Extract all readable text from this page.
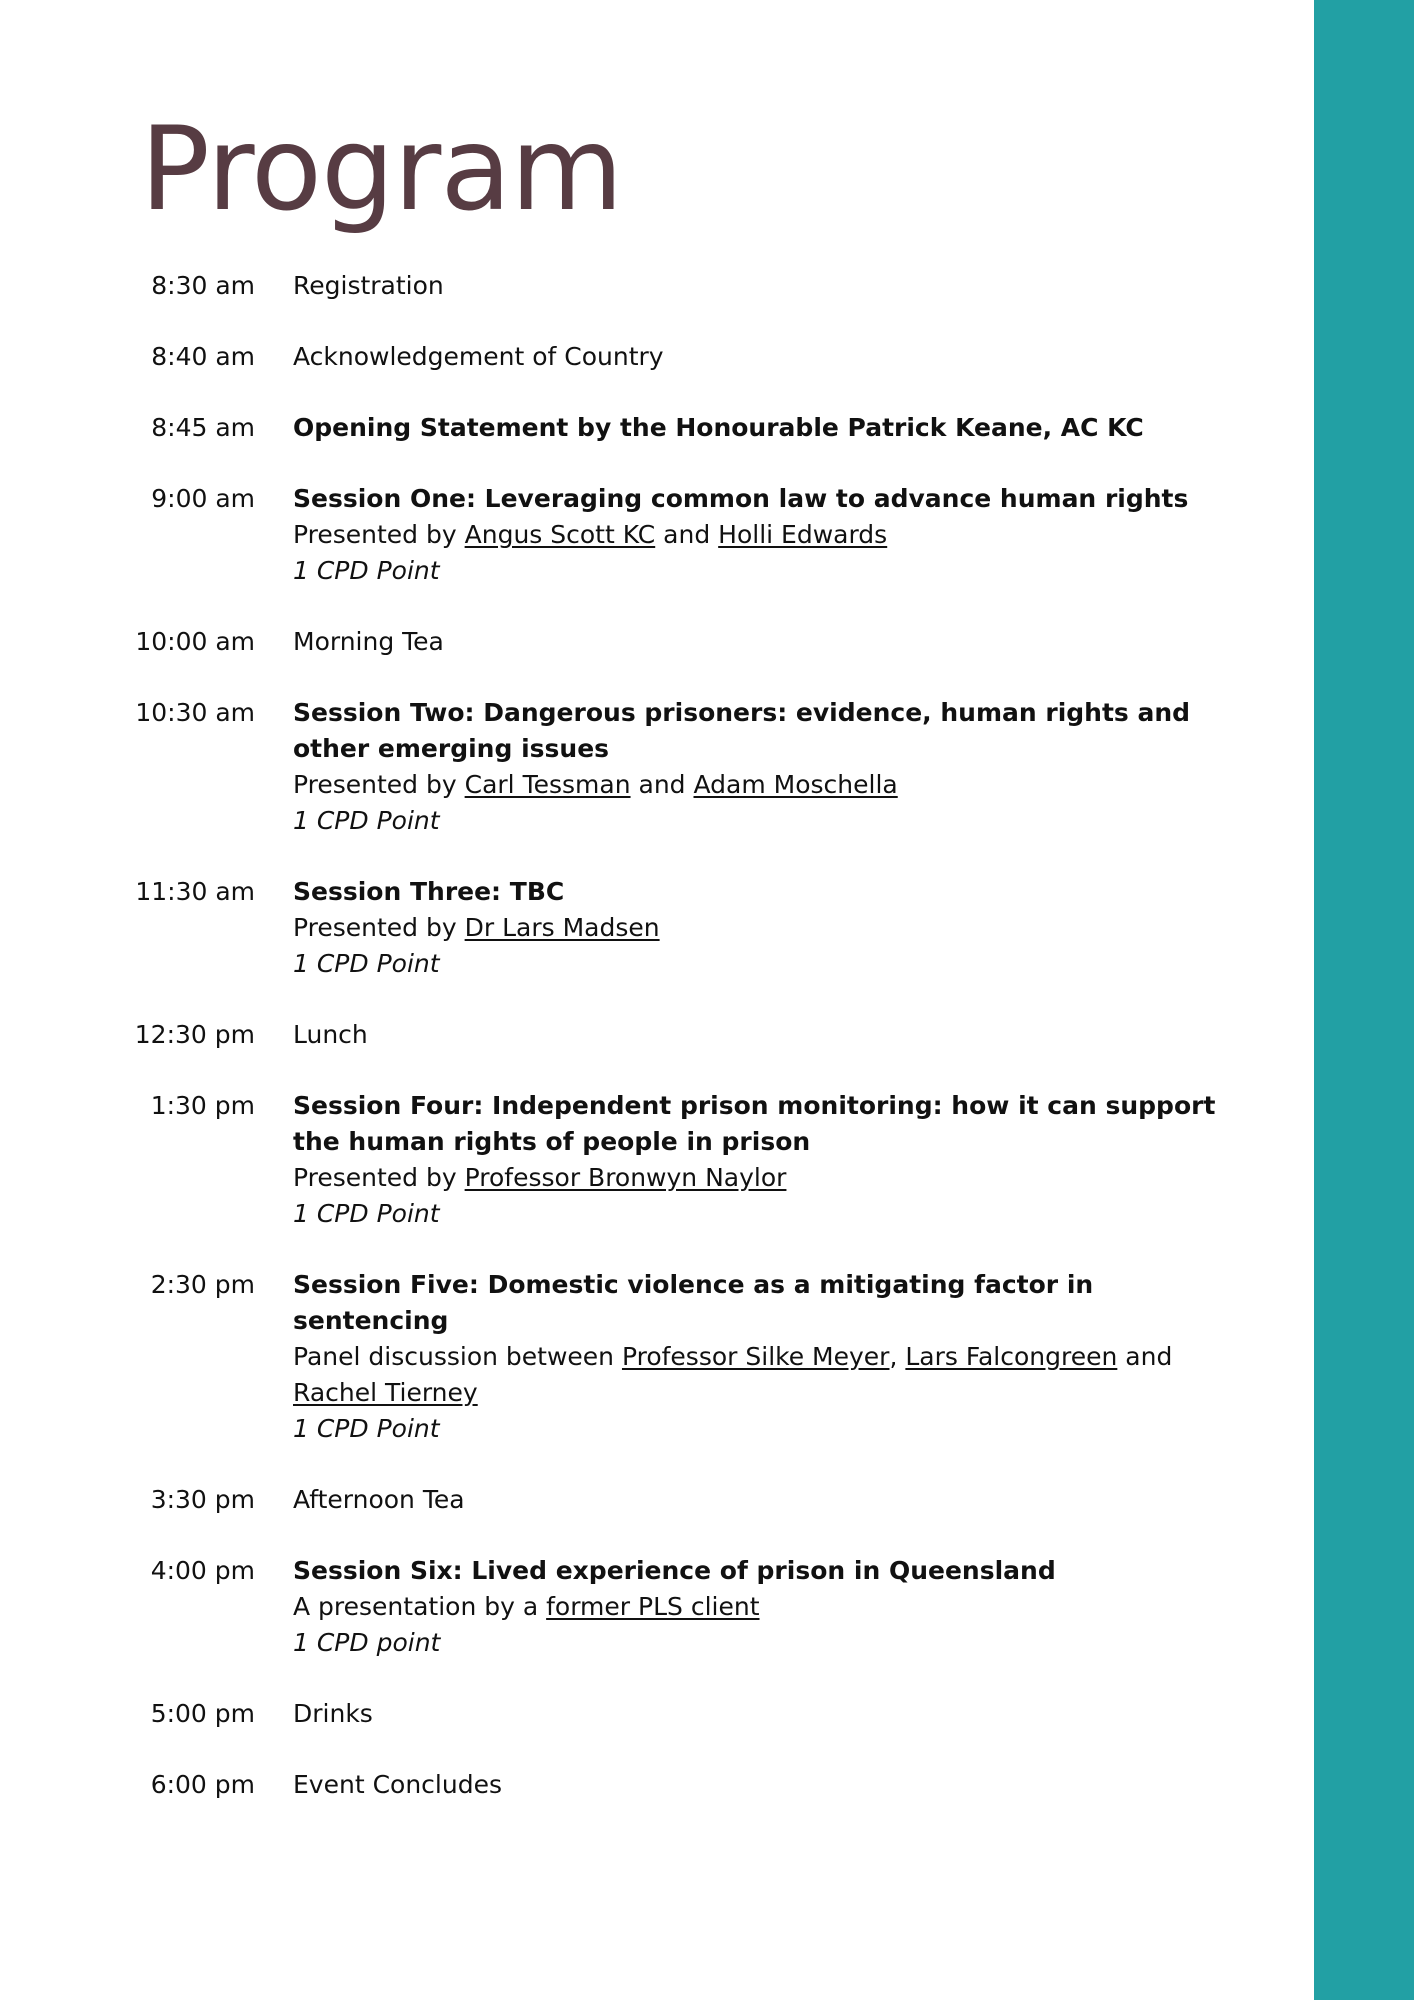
Program
8:30 am Registration
8:40 am Acknowledgement of Country
8:45 am Opening Statement by the Honourable Patrick Keane, AC KC
9:00 am Session One: Leveraging common law to advance human rights
Presented by Angus Scott KC and Holli Edwards
1 CPD Point
10:00 am Morning Tea
10:30 am Session Two: Dangerous prisoners: evidence, human rights and other emerging issues
Presented by Carl Tessman and Adam Moschella
1 CPD Point
11:30 am Session Three: TBC
Presented by Dr Lars Madsen
1 CPD Point
12:30 pm Lunch
1:30 pm Session Four: Independent prison monitoring: how it can support the human rights of people in prison
Presented by Professor Bronwyn Naylor
1 CPD Point
2:30 pm Session Five: Domestic violence as a mitigating factor in sentencing
Panel discussion between Professor Silke Meyer, Lars Falcongreen and Rachel Tierney
1 CPD Point
3:30 pm Afternoon Tea
4:00 pm Session Six: Lived experience of prison in Queensland
A presentation by a former PLS client
1 CPD point
5:00 pm Drinks
6:00 pm Event Concludes
